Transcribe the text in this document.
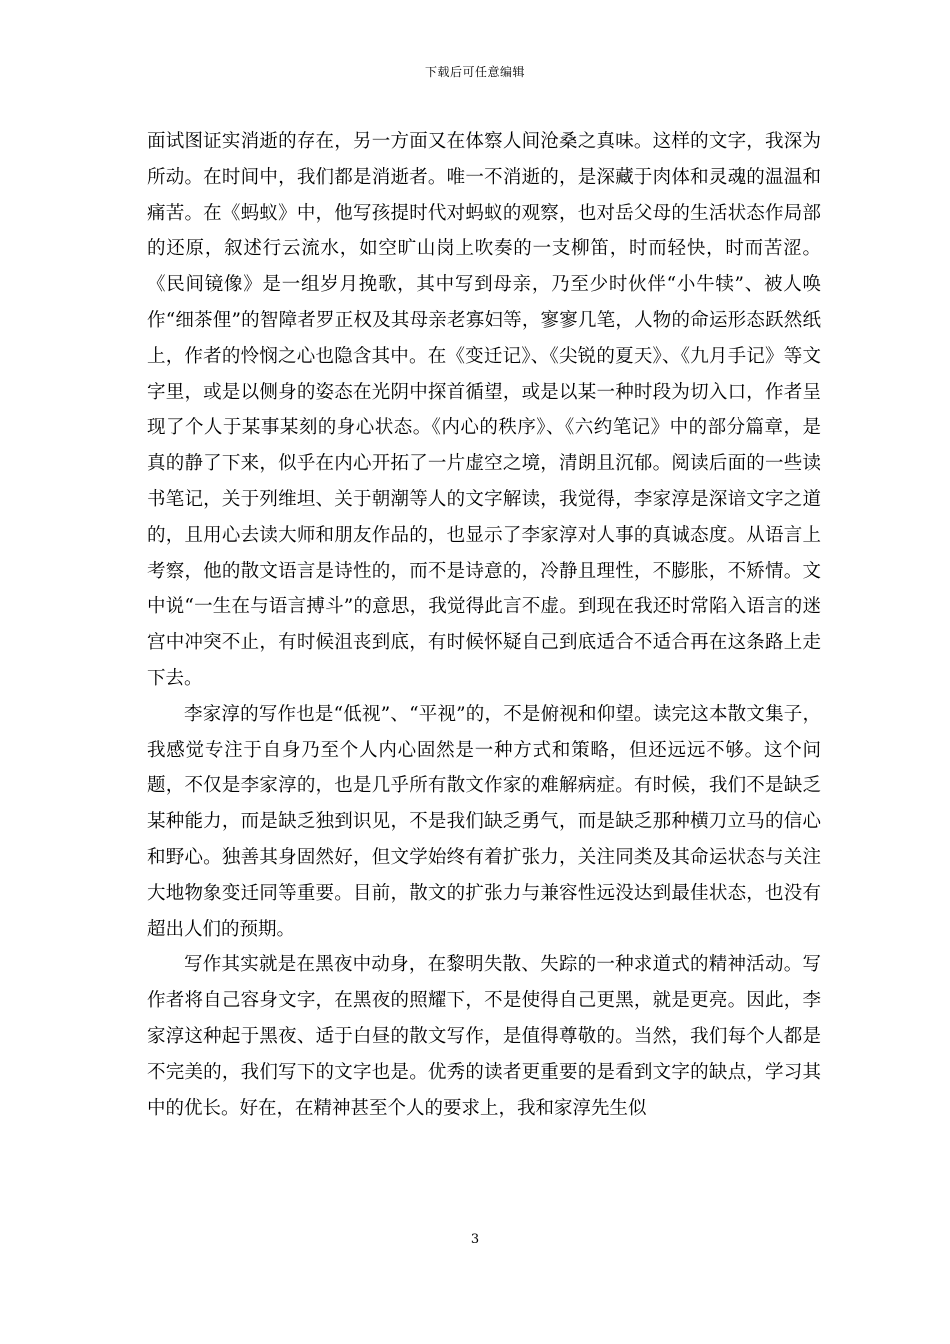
下载后可任意编辑

面试图证实消逝的存在，另一方面又在体察人间沧桑之真味。这样的文字，我深为所动。在时间中，我们都是消逝者。唯一不消逝的，是深藏于肉体和灵魂的温温和痛苦。在《蚂蚁》中，他写孩提时代对蚂蚁的观察，也对岳父母的生活状态作局部的还原，叙述行云流水，如空旷山岗上吹奏的一支柳笛，时而轻快，时而苦涩。《民间镜像》是一组岁月挽歌，其中写到母亲，乃至少时伙伴“小牛犊”、被人唤作“细茶俚”的智障者罗正权及其母亲老寡妇等，寥寥几笔，人物的命运形态跃然纸上，作者的怜悯之心也隐含其中。在《变迁记》、《尖锐的夏天》、《九月手记》等文字里，或是以侧身的姿态在光阴中探首循望，或是以某一种时段为切入口，作者呈现了个人于某事某刻的身心状态。《内心的秩序》、《六约笔记》中的部分篇章，是真的静了下来，似乎在内心开拓了一片虚空之境，清朗且沉郁。阅读后面的一些读书笔记，关于列维坦、关于朝潮等人的文字解读，我觉得，李家淳是深谙文字之道的，且用心去读大师和朋友作品的，也显示了李家淳对人事的真诚态度。从语言上考察，他的散文语言是诗性的，而不是诗意的，冷静且理性，不膨胀，不矫情。文中说“一生在与语言搏斗”的意思，我觉得此言不虚。到现在我还时常陷入语言的迷宫中冲突不止，有时候沮丧到底，有时候怀疑自己到底适合不适合再在这条路上走下去。

李家淳的写作也是“低视”、“平视”的，不是俯视和仰望。读完这本散文集子，我感觉专注于自身乃至个人内心固然是一种方式和策略，但还远远不够。这个问题，不仅是李家淳的，也是几乎所有散文作家的难解病症。有时候，我们不是缺乏某种能力，而是缺乏独到识见，不是我们缺乏勇气，而是缺乏那种横刀立马的信心和野心。独善其身固然好，但文学始终有着扩张力，关注同类及其命运状态与关注大地物象变迁同等重要。目前，散文的扩张力与兼容性远没达到最佳状态，也没有超出人们的预期。

写作其实就是在黑夜中动身，在黎明失散、失踪的一种求道式的精神活动。写作者将自己容身文字，在黑夜的照耀下，不是使得自己更黑，就是更亮。因此，李家淳这种起于黑夜、适于白昼的散文写作，是值得尊敬的。当然，我们每个人都是不完美的，我们写下的文字也是。优秀的读者更重要的是看到文字的缺点，学习其中的优长。好在，在精神甚至个人的要求上，我和家淳先生似

3
